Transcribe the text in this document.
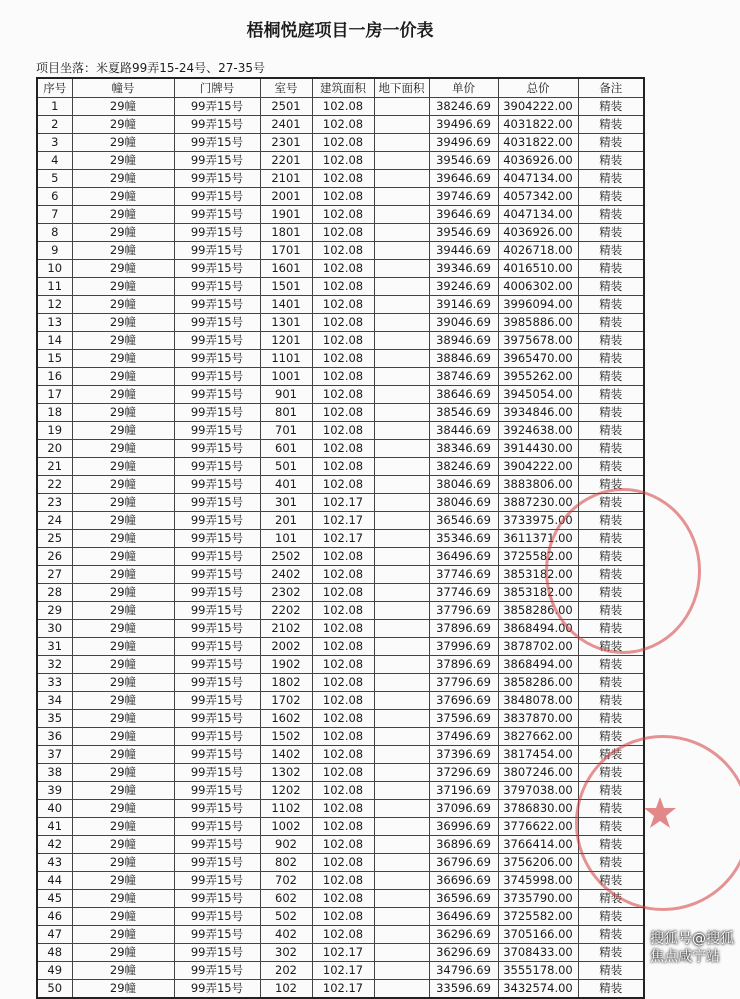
梧桐悦庭项目一房一价表
项目坐落：米夏路99弄15-24号、27-35号
序号	幢号	门牌号	室号	建筑面积	地下面积	单价	总价	备注
1	29幢	99弄15号	2501	102.08		38246.69	3904222.00	精装
2	29幢	99弄15号	2401	102.08		39496.69	4031822.00	精装
3	29幢	99弄15号	2301	102.08		39496.69	4031822.00	精装
4	29幢	99弄15号	2201	102.08		39546.69	4036926.00	精装
5	29幢	99弄15号	2101	102.08		39646.69	4047134.00	精装
6	29幢	99弄15号	2001	102.08		39746.69	4057342.00	精装
7	29幢	99弄15号	1901	102.08		39646.69	4047134.00	精装
8	29幢	99弄15号	1801	102.08		39546.69	4036926.00	精装
9	29幢	99弄15号	1701	102.08		39446.69	4026718.00	精装
10	29幢	99弄15号	1601	102.08		39346.69	4016510.00	精装
11	29幢	99弄15号	1501	102.08		39246.69	4006302.00	精装
12	29幢	99弄15号	1401	102.08		39146.69	3996094.00	精装
13	29幢	99弄15号	1301	102.08		39046.69	3985886.00	精装
14	29幢	99弄15号	1201	102.08		38946.69	3975678.00	精装
15	29幢	99弄15号	1101	102.08		38846.69	3965470.00	精装
16	29幢	99弄15号	1001	102.08		38746.69	3955262.00	精装
17	29幢	99弄15号	901	102.08		38646.69	3945054.00	精装
18	29幢	99弄15号	801	102.08		38546.69	3934846.00	精装
19	29幢	99弄15号	701	102.08		38446.69	3924638.00	精装
20	29幢	99弄15号	601	102.08		38346.69	3914430.00	精装
21	29幢	99弄15号	501	102.08		38246.69	3904222.00	精装
22	29幢	99弄15号	401	102.08		38046.69	3883806.00	精装
23	29幢	99弄15号	301	102.17		38046.69	3887230.00	精装
24	29幢	99弄15号	201	102.17		36546.69	3733975.00	精装
25	29幢	99弄15号	101	102.17		35346.69	3611371.00	精装
26	29幢	99弄15号	2502	102.08		36496.69	3725582.00	精装
27	29幢	99弄15号	2402	102.08		37746.69	3853182.00	精装
28	29幢	99弄15号	2302	102.08		37746.69	3853182.00	精装
29	29幢	99弄15号	2202	102.08		37796.69	3858286.00	精装
30	29幢	99弄15号	2102	102.08		37896.69	3868494.00	精装
31	29幢	99弄15号	2002	102.08		37996.69	3878702.00	精装
32	29幢	99弄15号	1902	102.08		37896.69	3868494.00	精装
33	29幢	99弄15号	1802	102.08		37796.69	3858286.00	精装
34	29幢	99弄15号	1702	102.08		37696.69	3848078.00	精装
35	29幢	99弄15号	1602	102.08		37596.69	3837870.00	精装
36	29幢	99弄15号	1502	102.08		37496.69	3827662.00	精装
37	29幢	99弄15号	1402	102.08		37396.69	3817454.00	精装
38	29幢	99弄15号	1302	102.08		37296.69	3807246.00	精装
39	29幢	99弄15号	1202	102.08		37196.69	3797038.00	精装
40	29幢	99弄15号	1102	102.08		37096.69	3786830.00	精装
41	29幢	99弄15号	1002	102.08		36996.69	3776622.00	精装
42	29幢	99弄15号	902	102.08		36896.69	3766414.00	精装
43	29幢	99弄15号	802	102.08		36796.69	3756206.00	精装
44	29幢	99弄15号	702	102.08		36696.69	3745998.00	精装
45	29幢	99弄15号	602	102.08		36596.69	3735790.00	精装
46	29幢	99弄15号	502	102.08		36496.69	3725582.00	精装
47	29幢	99弄15号	402	102.08		36296.69	3705166.00	精装
48	29幢	99弄15号	302	102.17		36296.69	3708433.00	精装
49	29幢	99弄15号	202	102.17		34796.69	3555178.00	精装
50	29幢	99弄15号	102	102.17		33596.69	3432574.00	精装
搜狐号@搜狐焦点咸宁站
